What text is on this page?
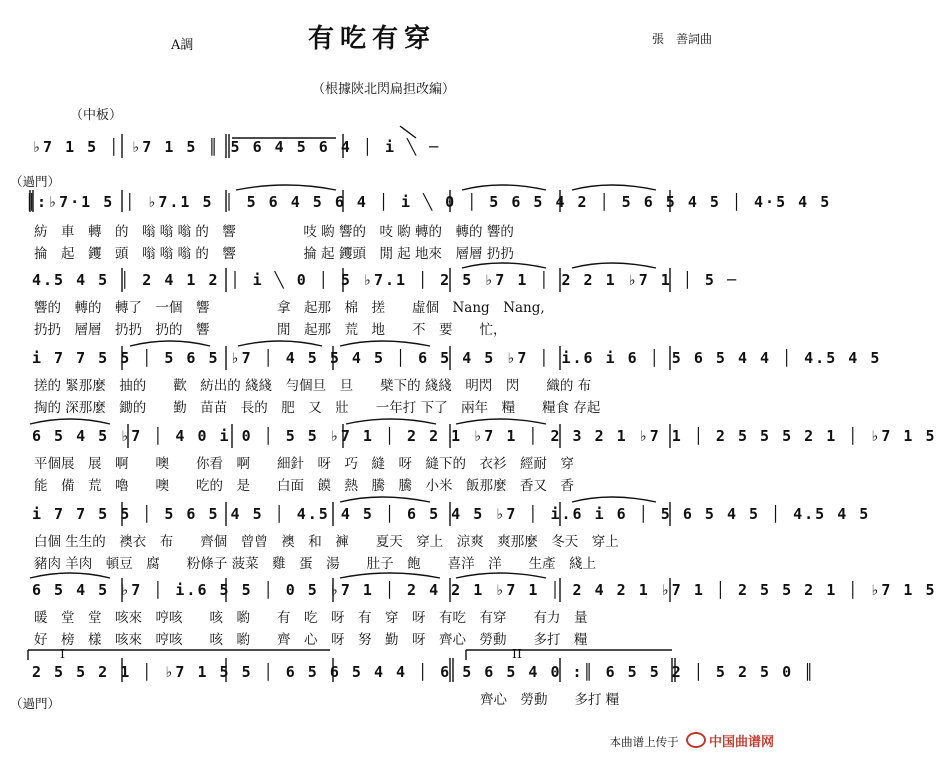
A調	有吃有穿	張　善詞曲
（根據陝北閃扁担改編）
（中板）
♭7 1 5 │ ♭7 1 5 ║ 5 6 4 5 6 4 │ i ╲ ─
（過門）
║:♭7·1 5 │ ♭7.1 5 │ 5 6 4 5 6 4 │ i ╲ 0 │ 5 6 5 4 2 │ 5 6 5 4 5 │ 4·5 4 5
紡　車　轉　的　嗡 嗡 嗡 的　響　　　　　吱 喲 響的　吱 喲 轉的　轉的 響的
掄　起　钁　頭　嗡 嗡 嗡 的　響　　　　　掄 起 钁頭　閒 起 地來　層層 扔扔
4.5 4 5 │ 2 4 1 2 │ i ╲ 0 │ 5 ♭7.1 │ 2 5 ♭7 1 │ 2 2 1 ♭7 1 │ 5 ─
響的　轉的　轉了　一個　響　　　　　拿　起那　棉　搓　　虛個　Nang　Nang,
扔扔　層層　扔扔　扔的　響　　　　　閒　起那　荒　地　　不　要　　忙，
i 7 7 5 5 │ 5 6 5 ♭7 │ 4 5 5 4 5 │ 6 5 4 5 ♭7 │ i.6 i 6 │ 5 6 5 4 4 │ 4.5 4 5
搓的 緊那麼　抽的　　歡　紡出的 綫綫　勻個旦　旦　　檗下的 綫綫　明閃　閃　　織的 布
掏的 深那麼　鋤的　　勤　苗苗　長的　肥　又　壯　　一年打 下了　兩年　糧　　糧食 存起
6 5 4 5 ♭7 │ 4 0 i 0 │ 5 5 ♭7 1 │ 2 2 1 ♭7 1 │ 2 3 2 1 ♭7 1 │ 2 5 5 5 2 1 │ ♭7 1 5
平個展　展　啊　　噢　　你看　啊　　細針　呀　巧　縫　呀　縫下的　衣衫　經耐　穿
能　備　荒　嚕　　噢　　吃的　是　　白面　饃　熱　騰　騰　小米　飯那麼　香又　香
i 7 7 5 5 │ 5 6 5 4 5 │ 4.5 4 5 │ 6 5 4 5 ♭7 │ i.6 i 6 │ 5 6 5 4 5 │ 4.5 4 5
白個 生生的　襖衣　布　　齊個　曾曾　襖　和　褲　　夏天　穿上　涼爽　爽那麼　冬天　穿上
豬肉 羊肉　頓豆　腐　　粉條子 菠菜　雞　蛋　湯　　肚子　飽　　喜洋　洋　　生產　綫上
6 5 4 5 ♭7 │ i.6 5 5 │ 0 5 ♭7 1 │ 2 4 2 1 ♭7 1 │ 2 4 2 1 ♭7 1 │ 2 5 5 2 1 │ ♭7 1 5
暖　堂　堂　咳來　哼咳　　咳　喲　　有　吃　呀　有　穿　呀　有吃　有穿　　有力　量
好　榜　樣　咳來　哼咳　　咳　喲　　齊　心　呀　努　勤　呀　齊心　勞動　　多打　糧
I	II
2 5 5 2 1 │ ♭7 1 5 5 │ 6 5 6 5 4 4 │ 6 5 6 5 4 0 :║ 6 5 5 2 │ 5 2 5 0 ║
（過門）	齊心　勞動　　多打 糧
本曲谱上传于 中国曲谱网
